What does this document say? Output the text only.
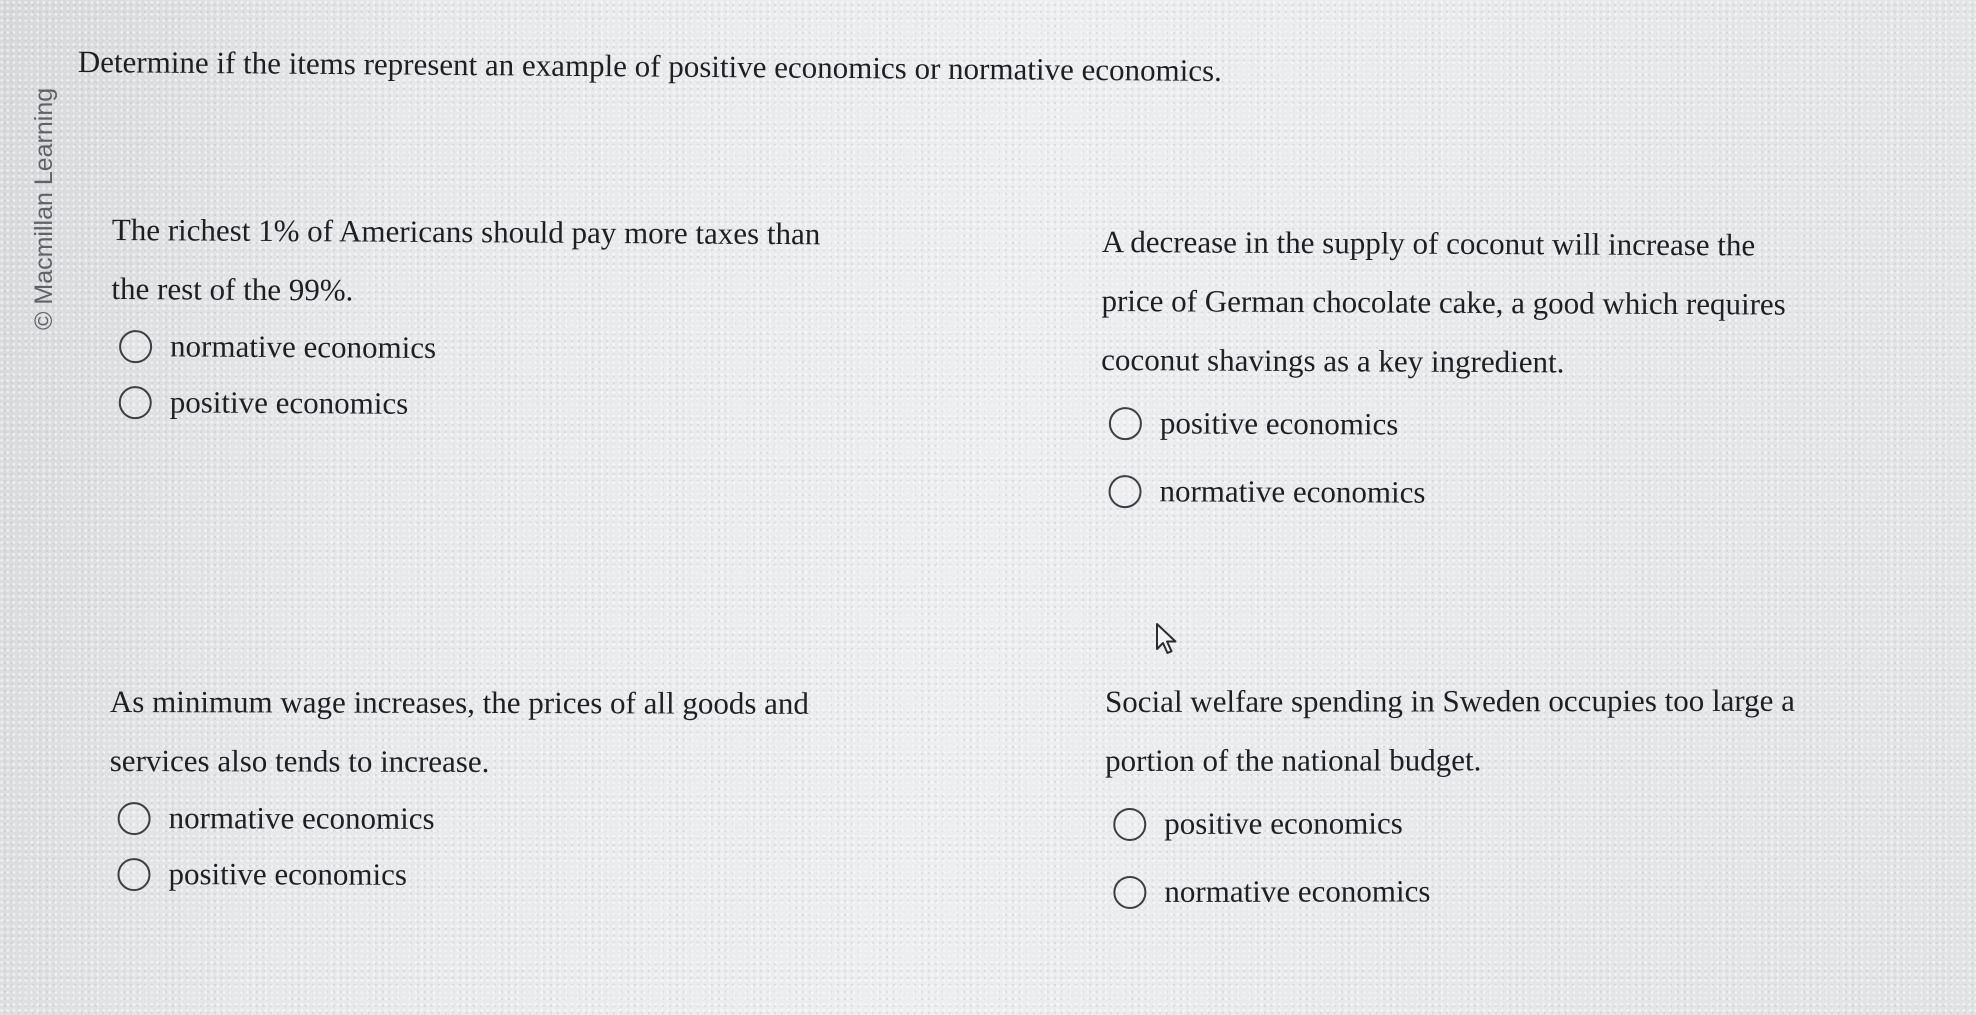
© Macmillan Learning
Determine if the items represent an example of positive economics or normative economics.

The richest 1% of Americans should pay more taxes than
the rest of the 99%.

normative economics
positive economics

A decrease in the supply of coconut will increase the
price of German chocolate cake, a good which requires
coconut shavings as a key ingredient.

positive economics
normative economics

As minimum wage increases, the prices of all goods and
services also tends to increase.

normative economics
positive economics

Social welfare spending in Sweden occupies too large a
portion of the national budget.

positive economics
normative economics
